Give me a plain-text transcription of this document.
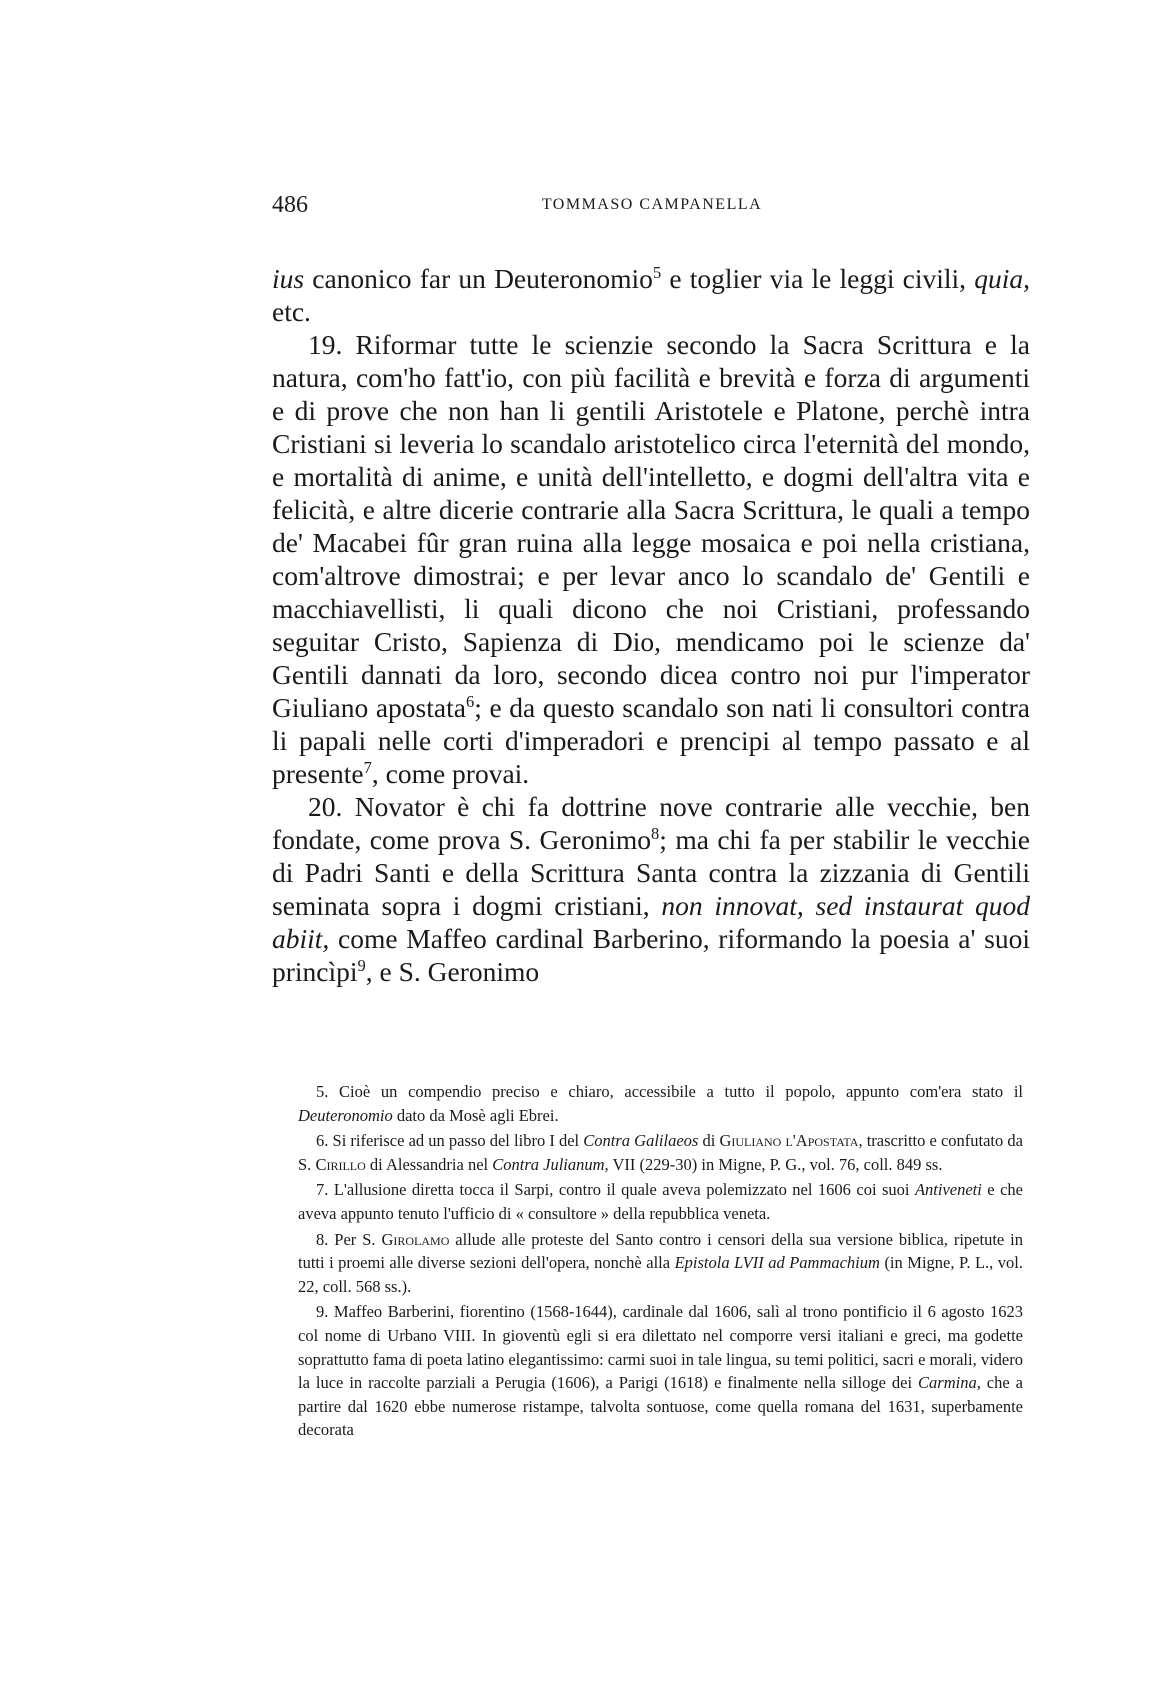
486	TOMMASO CAMPANELLA

ius canonico far un Deuteronomio$^5$ e toglier via le leggi civili, quia, etc.

19. Riformar tutte le scienzie secondo la Sacra Scrittura e la natura, com'ho fatt'io, con più facilità e brevità e forza di argumenti e di prove che non han li gentili Aristotele e Platone, perchè intra Cristiani si leveria lo scandalo aristotelico circa l'eternità del mondo, e mortalità di anime, e unità dell'intelletto, e dogmi dell'altra vita e felicità, e altre dicerie contrarie alla Sacra Scrittura, le quali a tempo de' Macabei fûr gran ruina alla legge mosaica e poi nella cristiana, com'altrove dimostrai; e per levar anco lo scandalo de' Gentili e macchiavellisti, li quali dicono che noi Cristiani, professando seguitar Cristo, Sapienza di Dio, mendicamo poi le scienze da' Gentili dannati da loro, secondo dicea contro noi pur l'imperator Giuliano apostata$^6$; e da questo scandalo son nati li consultori contra li papali nelle corti d'imperadori e prencipi al tempo passato e al presente$^7$, come provai.

20. Novator è chi fa dottrine nove contrarie alle vecchie, ben fondate, come prova S. Geronimo$^8$; ma chi fa per stabilir le vecchie di Padri Santi e della Scrittura Santa contra la zizzania di Gentili seminata sopra i dogmi cristiani, non innovat, sed instaurat quod abiit, come Maffeo cardinal Barberino, riformando la poesia a' suoi princìpi$^9$, e S. Geronimo

5. Cioè un compendio preciso e chiaro, accessibile a tutto il popolo, appunto com'era stato il Deuteronomio dato da Mosè agli Ebrei.

6. Si riferisce ad un passo del libro I del Contra Galilaeos di Giuliano l'Apostata, trascritto e confutato da S. Cirillo di Alessandria nel Contra Julianum, VII (229-30) in Migne, P. G., vol. 76, coll. 849 ss.

7. L'allusione diretta tocca il Sarpi, contro il quale aveva polemizzato nel 1606 coi suoi Antiveneti e che aveva appunto tenuto l'ufficio di « consultore » della repubblica veneta.

8. Per S. Girolamo allude alle proteste del Santo contro i censori della sua versione biblica, ripetute in tutti i proemi alle diverse sezioni dell'opera, nonchè alla Epistola LVII ad Pammachium (in Migne, P. L., vol. 22, coll. 568 ss.).

9. Maffeo Barberini, fiorentino (1568-1644), cardinale dal 1606, salì al trono pontificio il 6 agosto 1623 col nome di Urbano VIII. In gioventù egli si era dilettato nel comporre versi italiani e greci, ma godette soprattutto fama di poeta latino elegantissimo: carmi suoi in tale lingua, su temi politici, sacri e morali, videro la luce in raccolte parziali a Perugia (1606), a Parigi (1618) e finalmente nella silloge dei Carmina, che a partire dal 1620 ebbe numerose ristampe, talvolta sontuose, come quella romana del 1631, superbamente decorata
